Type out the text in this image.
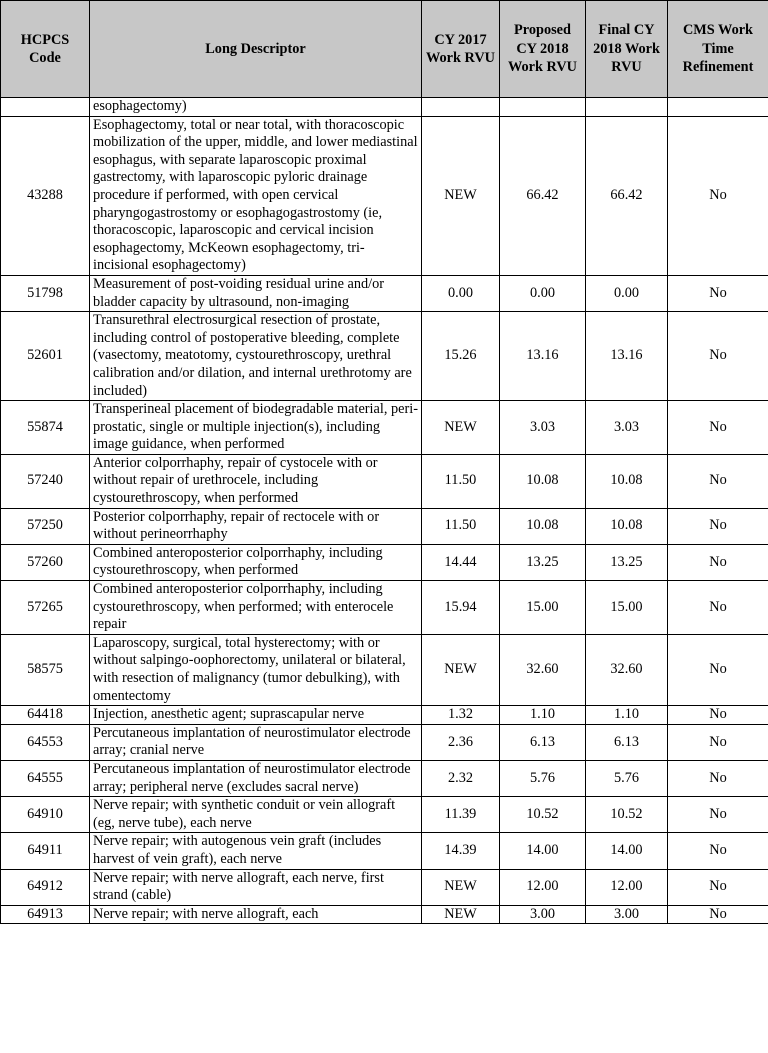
HCPCS Code	Long Descriptor	CY 2017 Work RVU	Proposed CY 2018 Work RVU	Final CY 2018 Work RVU	CMS Work Time Refinement
	esophagectomy)				
43288	Esophagectomy, total or near total, with thoracoscopic mobilization of the upper, middle, and lower mediastinal esophagus, with separate laparoscopic proximal gastrectomy, with laparoscopic pyloric drainage procedure if performed, with open cervical pharyngogastrostomy or esophagogastrostomy (ie, thoracoscopic, laparoscopic and cervical incision esophagectomy, McKeown esophagectomy, tri-incisional esophagectomy)	NEW	66.42	66.42	No
51798	Measurement of post-voiding residual urine and/or bladder capacity by ultrasound, non-imaging	0.00	0.00	0.00	No
52601	Transurethral electrosurgical resection of prostate, including control of postoperative bleeding, complete (vasectomy, meatotomy, cystourethroscopy, urethral calibration and/or dilation, and internal urethrotomy are included)	15.26	13.16	13.16	No
55874	Transperineal placement of biodegradable material, peri-prostatic, single or multiple injection(s), including image guidance, when performed	NEW	3.03	3.03	No
57240	Anterior colporrhaphy, repair of cystocele with or without repair of urethrocele, including cystourethroscopy, when performed	11.50	10.08	10.08	No
57250	Posterior colporrhaphy, repair of rectocele with or without perineorrhaphy	11.50	10.08	10.08	No
57260	Combined anteroposterior colporrhaphy, including cystourethroscopy, when performed	14.44	13.25	13.25	No
57265	Combined anteroposterior colporrhaphy, including cystourethroscopy, when performed; with enterocele repair	15.94	15.00	15.00	No
58575	Laparoscopy, surgical, total hysterectomy; with or without salpingo-oophorectomy, unilateral or bilateral, with resection of malignancy (tumor debulking), with omentectomy	NEW	32.60	32.60	No
64418	Injection, anesthetic agent; suprascapular nerve	1.32	1.10	1.10	No
64553	Percutaneous implantation of neurostimulator electrode array; cranial nerve	2.36	6.13	6.13	No
64555	Percutaneous implantation of neurostimulator electrode array; peripheral nerve (excludes sacral nerve)	2.32	5.76	5.76	No
64910	Nerve repair; with synthetic conduit or vein allograft (eg, nerve tube), each nerve	11.39	10.52	10.52	No
64911	Nerve repair; with autogenous vein graft (includes harvest of vein graft), each nerve	14.39	14.00	14.00	No
64912	Nerve repair; with nerve allograft, each nerve, first strand (cable)	NEW	12.00	12.00	No
64913	Nerve repair; with nerve allograft, each	NEW	3.00	3.00	No
